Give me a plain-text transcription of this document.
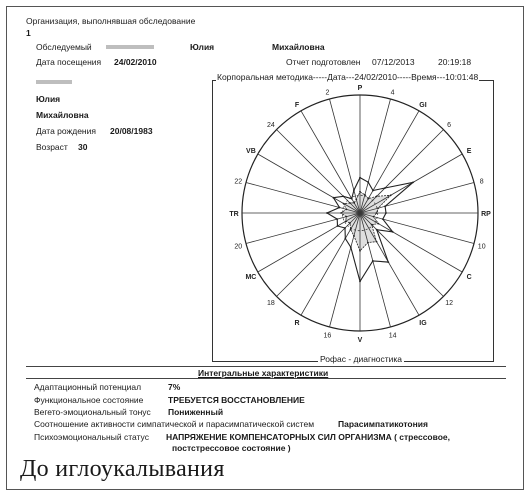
Организация, выполнявшая обследование
1
Обследуемый	Юлия	Михайловна
Дата посещения 24/02/2010	Отчет подготовлен 07/12/2013	20:19:18
Юлия
Михайловна
Дата рождения 20/08/1983
Возраст 30
Корпоральная методика-----Дата---24/02/2010-----Время---10:01:48
P
4
GI
6
E
8
RP
10
C
12
IG
14
V
16
R
18
MC
20
TR
22
VB
24
F
2
Рофас - диагностика
Интегральные характеристики
Адаптационный потенциал	7%
Функциональное состояние	ТРЕБУЕТСЯ ВОССТАНОВЛЕНИЕ
Вегето-эмоциональный тонус Пониженный
Соотношение активности симпатической и парасимпатической систем	Парасимпатикотония
Психоэмоциональный статус НАПРЯЖЕНИЕ КОМПЕНСАТОРНЫХ СИЛ ОРГАНИЗМА ( стрессовое,
постстрессовое состояние )
До иглоукалывания
